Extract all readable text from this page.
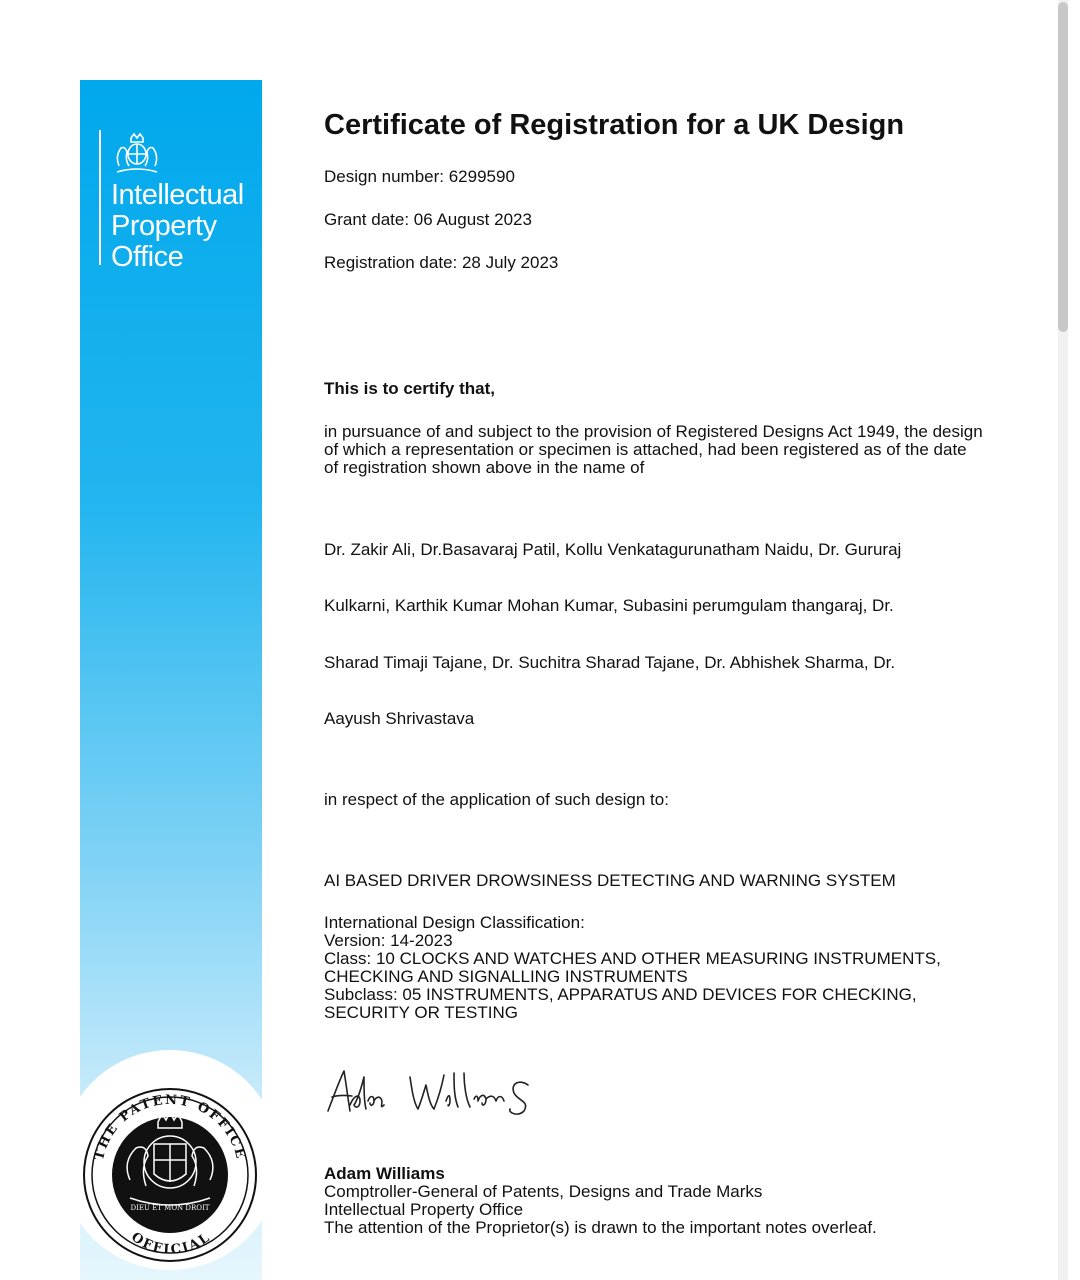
Intellectual
Property
Office
THE PATENT OFFICE
OFFICIAL
DIEU ET MON DROIT
Certificate of Registration for a UK Design
Design number: 6299590
Grant date: 06 August 2023
Registration date: 28 July 2023
This is to certify that,
in pursuance of and subject to the provision of Registered Designs Act 1949, the design of which a representation or specimen is attached, had been registered as of the date of registration shown above in the name of
Dr. Zakir Ali, Dr.Basavaraj Patil, Kollu Venkatagurunatham Naidu, Dr. Gururaj
Kulkarni, Karthik Kumar Mohan Kumar, Subasini perumgulam thangaraj, Dr.
Sharad Timaji Tajane, Dr. Suchitra Sharad Tajane, Dr. Abhishek Sharma, Dr.
Aayush Shrivastava
in respect of the application of such design to:
AI BASED DRIVER DROWSINESS DETECTING AND WARNING SYSTEM
International Design Classification:
Version: 14-2023
Class: 10 CLOCKS AND WATCHES AND OTHER MEASURING INSTRUMENTS, CHECKING AND SIGNALLING INSTRUMENTS
Subclass: 05 INSTRUMENTS, APPARATUS AND DEVICES FOR CHECKING, SECURITY OR TESTING
Adam Williams
Comptroller-General of Patents, Designs and Trade Marks
Intellectual Property Office
The attention of the Proprietor(s) is drawn to the important notes overleaf.
